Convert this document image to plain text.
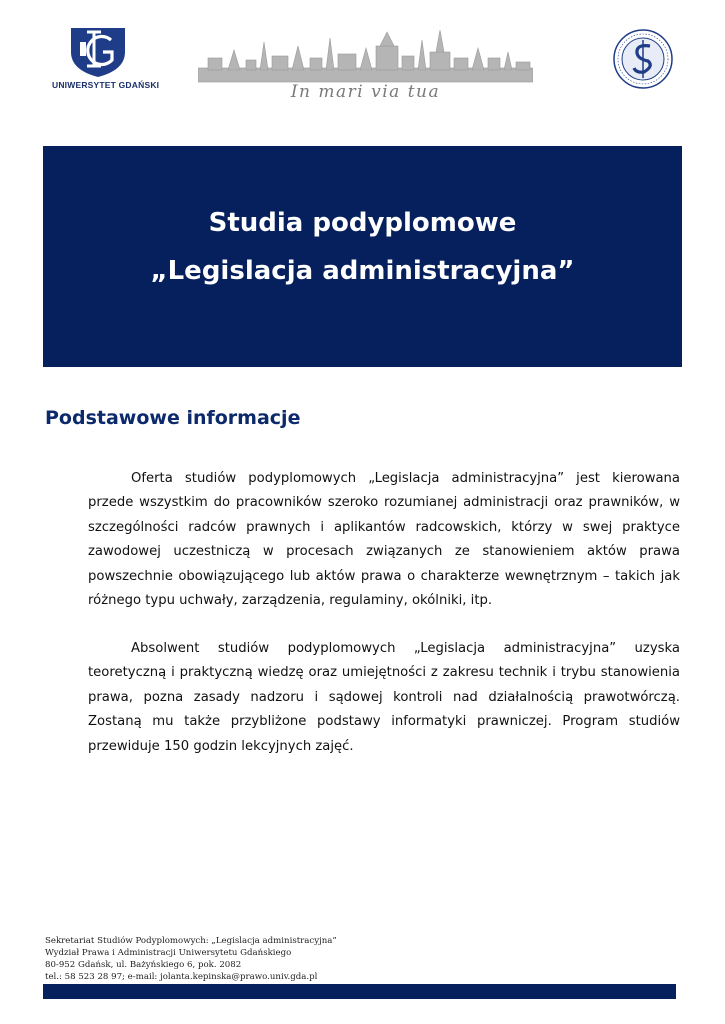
UNIWERSYTET GDAŃSKI	In mari via tua
Studia podyplomowe
„Legislacja administracyjna”
Podstawowe informacje
Oferta studiów podyplomowych „Legislacja administracyjna” jest kierowana
przede wszystkim do pracowników szeroko rozumianej administracji oraz prawników, w
szczególności radców prawnych i aplikantów radcowskich, którzy w swej praktyce
zawodowej uczestniczą w procesach związanych ze stanowieniem aktów prawa
powszechnie obowiązującego lub aktów prawa o charakterze wewnętrznym – takich jak
różnego typu uchwały, zarządzenia, regulaminy, okólniki, itp.
Absolwent studiów podyplomowych „Legislacja administracyjna” uzyska
teoretyczną i praktyczną wiedzę oraz umiejętności z zakresu technik i trybu stanowienia
prawa, pozna zasady nadzoru i sądowej kontroli nad działalnością prawotwórczą.
Zostaną mu także przybliżone podstawy informatyki prawniczej. Program studiów
przewiduje 150 godzin lekcyjnych zajęć.
Sekretariat Studiów Podyplomowych: „Legislacja administracyjna”
Wydział Prawa i Administracji Uniwersytetu Gdańskiego
80-952 Gdańsk, ul. Bażyńskiego 6, pok. 2082
tel.: 58 523 28 97; e-mail: jolanta.kepinska@prawo.univ.gda.pl
